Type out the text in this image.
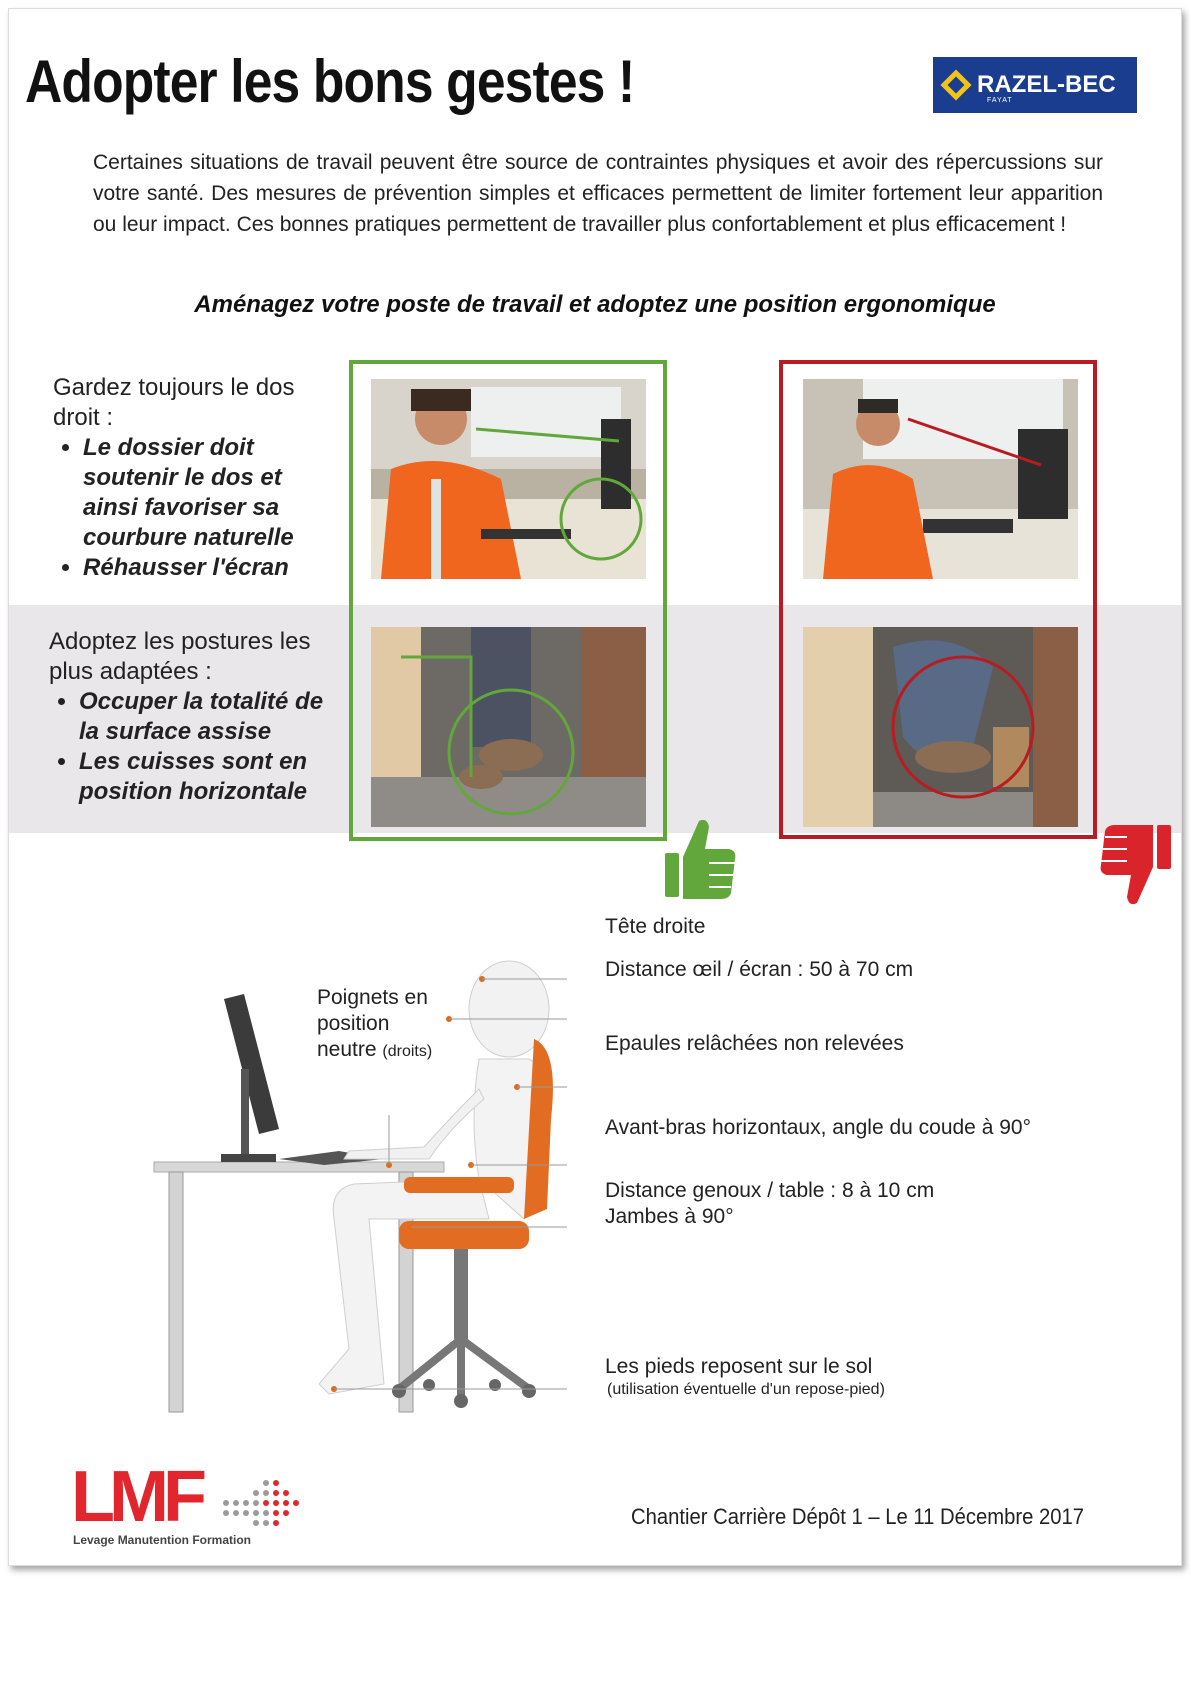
Adopter les bons gestes !	RAZEL-BEC
FAYAT
Certaines situations de travail peuvent être source de contraintes physiques et avoir des répercussions sur votre santé. Des mesures de prévention simples et efficaces permettent de limiter fortement leur apparition ou leur impact. Ces bonnes pratiques permettent de travailler plus confortablement et plus efficacement !
Aménagez votre poste de travail et adoptez une position ergonomique
Gardez toujours le dos droit :
• Le dossier doit soutenir le dos et ainsi favoriser sa courbure naturelle
• Réhausser l'écran
Adoptez les postures les plus adaptées :
• Occuper la totalité de la surface assise
• Les cuisses sont en position horizontale
Poignets en
position
neutre (droits)
Tête droite
Distance œil / écran : 50 à 70 cm
Epaules relâchées non relevées
Avant-bras horizontaux, angle du coude à 90°
Distance genoux / table : 8 à 10 cm
Jambes à 90°
Les pieds reposent sur le sol
(utilisation éventuelle d'un repose-pied)
LMF
Levage Manutention Formation
Chantier Carrière Dépôt 1 – Le 11 Décembre 2017
